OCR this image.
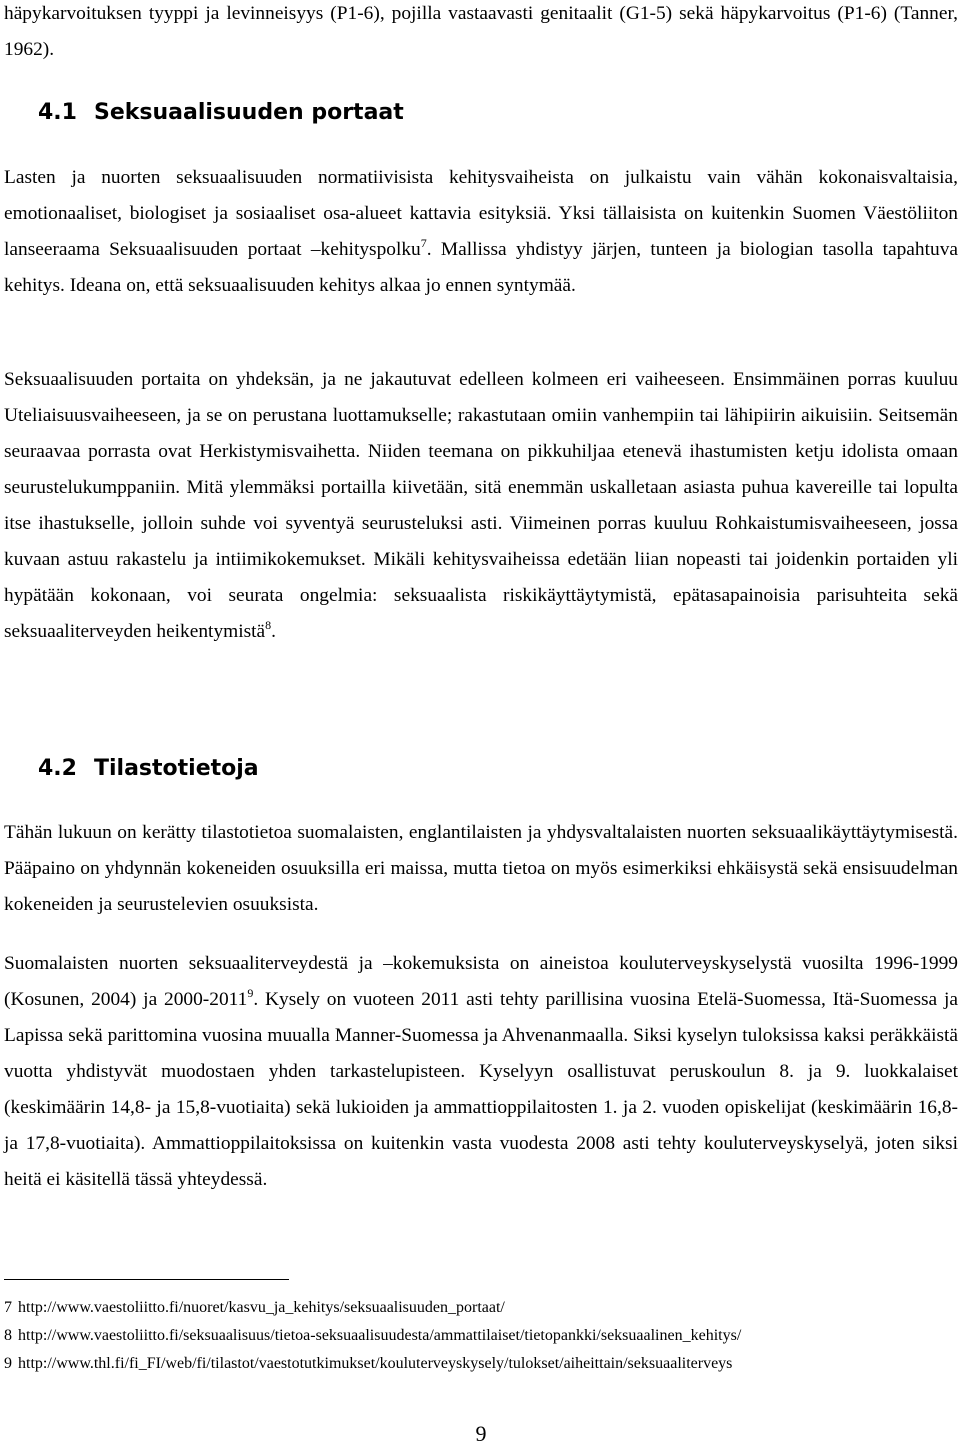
häpykarvoituksen tyyppi ja levinneisyys (P1-6), pojilla vastaavasti genitaalit (G1-5) sekä häpykarvoitus (P1-6) (Tanner, 1962).

4.1 Seksuaalisuuden portaat

Lasten ja nuorten seksuaalisuuden normatiivisista kehitysvaiheista on julkaistu vain vähän kokonaisvaltaisia, emotionaaliset, biologiset ja sosiaaliset osa-alueet kattavia esityksiä. Yksi tällaisista on kuitenkin Suomen Väestöliiton lanseeraama Seksuaalisuuden portaat –kehityspolku$^7$. Mallissa yhdistyy järjen, tunteen ja biologian tasolla tapahtuva kehitys. Ideana on, että seksuaalisuuden kehitys alkaa jo ennen syntymää.

Seksuaalisuuden portaita on yhdeksän, ja ne jakautuvat edelleen kolmeen eri vaiheeseen. Ensimmäinen porras kuuluu Uteliaisuusvaiheeseen, ja se on perustana luottamukselle; rakastutaan omiin vanhempiin tai lähipiirin aikuisiin. Seitsemän seuraavaa porrasta ovat Herkistymisvaihetta. Niiden teemana on pikkuhiljaa etenevä ihastumisten ketju idolista omaan seurustelukumppaniin. Mitä ylemmäksi portailla kiivetään, sitä enemmän uskalletaan asiasta puhua kavereille tai lopulta itse ihastukselle, jolloin suhde voi syventyä seurusteluksi asti. Viimeinen porras kuuluu Rohkaistumisvaiheeseen, jossa kuvaan astuu rakastelu ja intiimikokemukset. Mikäli kehitysvaiheissa edetään liian nopeasti tai joidenkin portaiden yli hypätään kokonaan, voi seurata ongelmia: seksuaalista riskikäyttäytymistä, epätasapainoisia parisuhteita sekä seksuaaliterveyden heikentymistä$^8$.

4.2 Tilastotietoja

Tähän lukuun on kerätty tilastotietoa suomalaisten, englantilaisten ja yhdysvaltalaisten nuorten seksuaalikäyttäytymisestä. Pääpaino on yhdynnän kokeneiden osuuksilla eri maissa, mutta tietoa on myös esimerkiksi ehkäisystä sekä ensisuudelman kokeneiden ja seurustelevien osuuksista.

Suomalaisten nuorten seksuaaliterveydestä ja –kokemuksista on aineistoa kouluterveyskyselystä vuosilta 1996-1999 (Kosunen, 2004) ja 2000-2011$^9$. Kysely on vuoteen 2011 asti tehty parillisina vuosina Etelä-Suomessa, Itä-Suomessa ja Lapissa sekä parittomina vuosina muualla Manner-Suomessa ja Ahvenanmaalla. Siksi kyselyn tuloksissa kaksi peräkkäistä vuotta yhdistyvät muodostaen yhden tarkastelupisteen. Kyselyyn osallistuvat peruskoulun 8. ja 9. luokkalaiset (keskimäärin 14,8- ja 15,8-vuotiaita) sekä lukioiden ja ammattioppilaitosten 1. ja 2. vuoden opiskelijat (keskimäärin 16,8- ja 17,8-vuotiaita). Ammattioppilaitoksissa on kuitenkin vasta vuodesta 2008 asti tehty kouluterveyskyselyä, joten siksi heitä ei käsitellä tässä yhteydessä.

7 http://www.vaestoliitto.fi/nuoret/kasvu_ja_kehitys/seksuaalisuuden_portaat/

8 http://www.vaestoliitto.fi/seksuaalisuus/tietoa-seksuaalisuudesta/ammattilaiset/tietopankki/seksuaalinen_kehitys/

9 http://www.thl.fi/fi_FI/web/fi/tilastot/vaestotutkimukset/kouluterveyskysely/tulokset/aiheittain/seksuaaliterveys

9
